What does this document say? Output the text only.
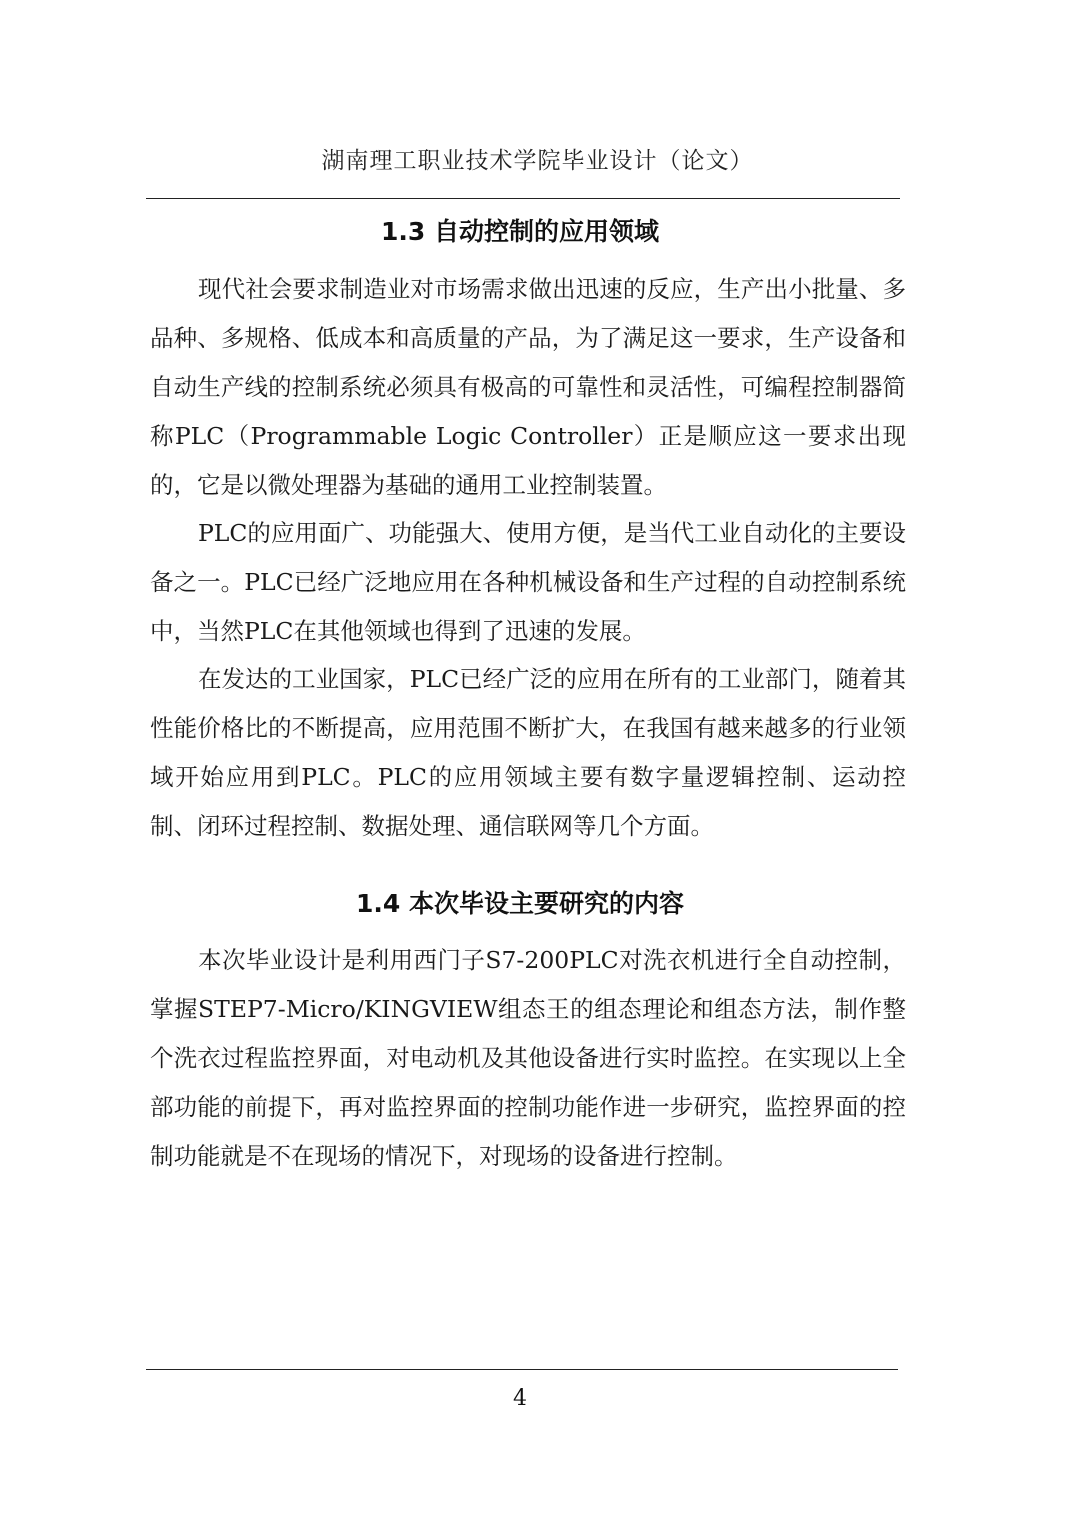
湖南理工职业技术学院毕业设计（论文）
1.3 自动控制的应用领域

现代社会要求制造业对市场需求做出迅速的反应，生产出小批量、多品种、多规格、低成本和高质量的产品，为了满足这一要求，生产设备和自动生产线的控制系统必须具有极高的可靠性和灵活性，可编程控制器简称PLC（Programmable Logic Controller）正是顺应这一要求出现的，它是以微处理器为基础的通用工业控制装置。

PLC的应用面广、功能强大、使用方便，是当代工业自动化的主要设备之一。PLC已经广泛地应用在各种机械设备和生产过程的自动控制系统中，当然PLC在其他领域也得到了迅速的发展。

在发达的工业国家，PLC已经广泛的应用在所有的工业部门，随着其性能价格比的不断提高，应用范围不断扩大，在我国有越来越多的行业领域开始应用到PLC。PLC的应用领域主要有数字量逻辑控制、运动控制、闭环过程控制、数据处理、通信联网等几个方面。

1.4 本次毕设主要研究的内容

本次毕业设计是利用西门子S7-200PLC对洗衣机进行全自动控制，掌握STEP7-Micro/KINGVIEW组态王的组态理论和组态方法，制作整个洗衣过程监控界面，对电动机及其他设备进行实时监控。在实现以上全部功能的前提下，再对监控界面的控制功能作进一步研究，监控界面的控制功能就是不在现场的情况下，对现场的设备进行控制。

4
